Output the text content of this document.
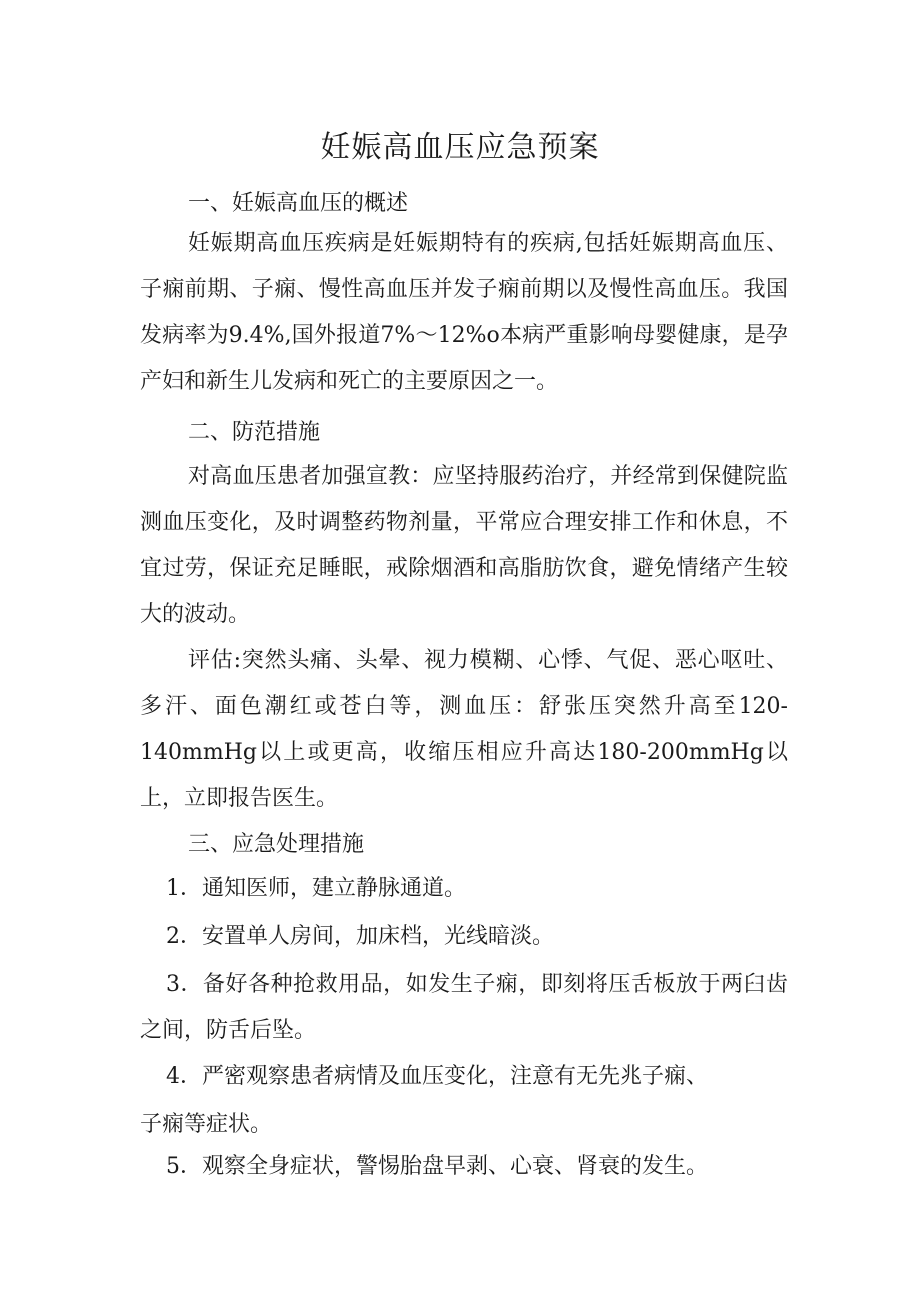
妊娠高血压应急预案

一、妊娠高血压的概述

妊娠期高血压疾病是妊娠期特有的疾病,包括妊娠期高血压、子痫前期、子痫、慢性高血压并发子痫前期以及慢性高血压。我国发病率为9.4%,国外报道7%～12%o本病严重影响母婴健康，是孕产妇和新生儿发病和死亡的主要原因之一。

二、防范措施

对高血压患者加强宣教：应坚持服药治疗，并经常到保健院监测血压变化，及时调整药物剂量，平常应合理安排工作和休息，不宜过劳，保证充足睡眠，戒除烟酒和高脂肪饮食，避免情绪产生较大的波动。

评估:突然头痛、头晕、视力模糊、心悸、气促、恶心呕吐、多汗、面色潮红或苍白等，测血压：舒张压突然升高至120-140mmHg以上或更高，收缩压相应升高达180-200mmHg以上，立即报告医生。

三、应急处理措施

1．通知医师，建立静脉通道。

2．安置单人房间，加床档，光线暗淡。

3．备好各种抢救用品，如发生子痫，即刻将压舌板放于两臼齿之间，防舌后坠。

4．严密观察患者病情及血压变化，注意有无先兆子痫、

子痫等症状。

5．观察全身症状，警惕胎盘早剥、心衰、肾衰的发生。
